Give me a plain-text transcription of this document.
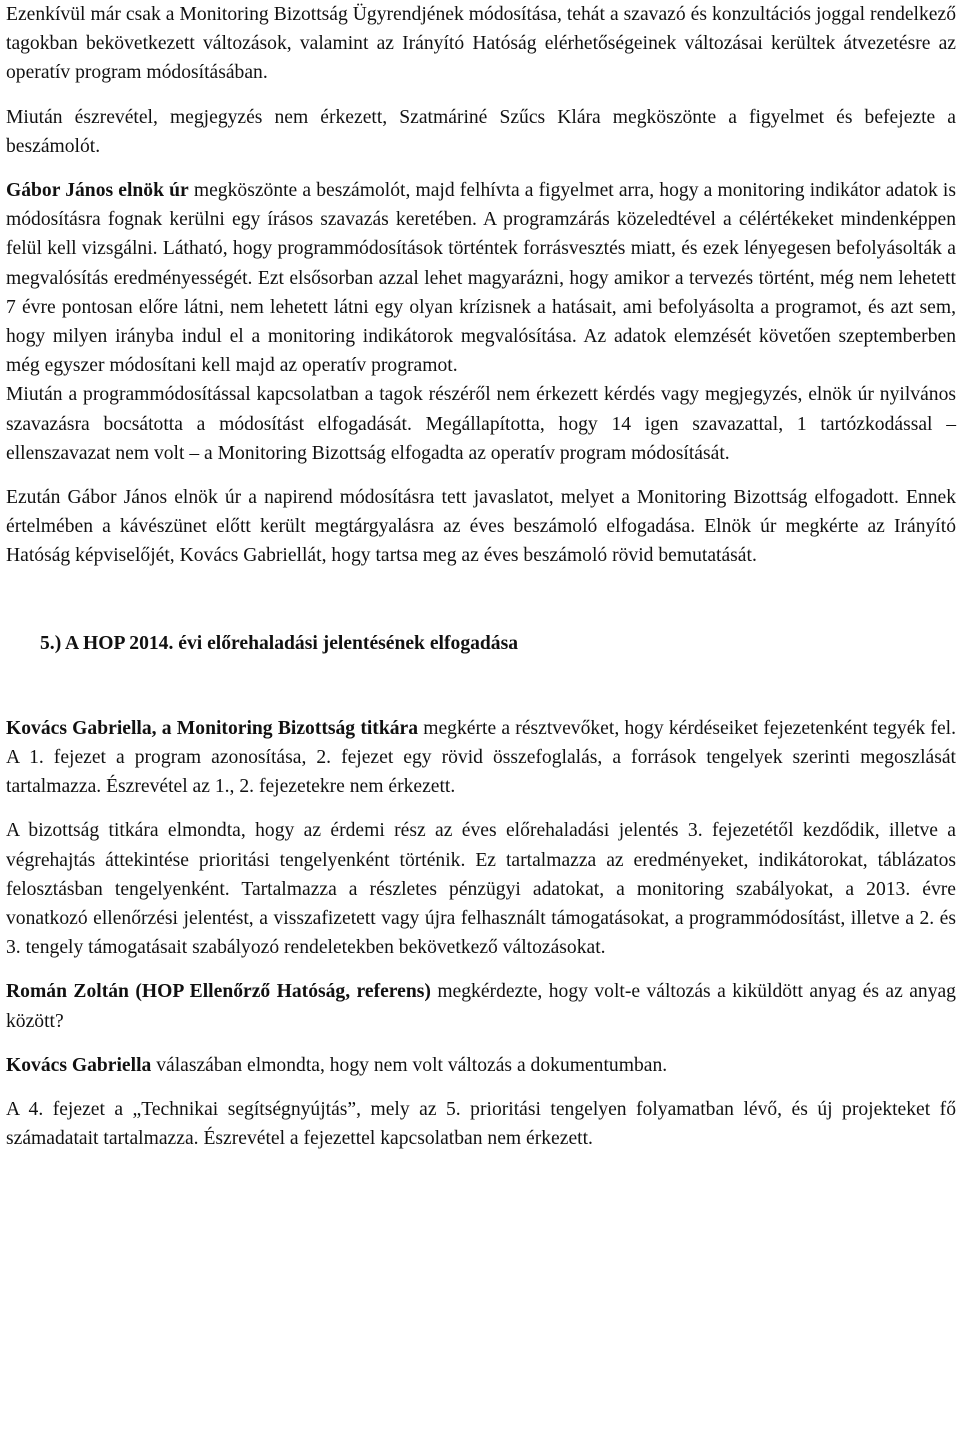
Ezenkívül már csak a Monitoring Bizottság Ügyrendjének módosítása, tehát a szavazó és konzultációs joggal rendelkező tagokban bekövetkezett változások, valamint az Irányító Hatóság elérhetőségeinek változásai kerültek átvezetésre az operatív program módosításában.

Miután észrevétel, megjegyzés nem érkezett, Szatmáriné Szűcs Klára megköszönte a figyelmet és befejezte a beszámolót.

Gábor János elnök úr megköszönte a beszámolót, majd felhívta a figyelmet arra, hogy a monitoring indikátor adatok is módosításra fognak kerülni egy írásos szavazás keretében. A programzárás közeledtével a célértékeket mindenképpen felül kell vizsgálni. Látható, hogy programmódosítások történtek forrásvesztés miatt, és ezek lényegesen befolyásolták a megvalósítás eredményességét. Ezt elsősorban azzal lehet magyarázni, hogy amikor a tervezés történt, még nem lehetett 7 évre pontosan előre látni, nem lehetett látni egy olyan krízisnek a hatásait, ami befolyásolta a programot, és azt sem, hogy milyen irányba indul el a monitoring indikátorok megvalósítása. Az adatok elemzését követően szeptemberben még egyszer módosítani kell majd az operatív programot.

Miután a programmódosítással kapcsolatban a tagok részéről nem érkezett kérdés vagy megjegyzés, elnök úr nyilvános szavazásra bocsátotta a módosítást elfogadását. Megállapította, hogy 14 igen szavazattal, 1 tartózkodással – ellenszavazat nem volt – a Monitoring Bizottság elfogadta az operatív program módosítását.

Ezután Gábor János elnök úr a napirend módosításra tett javaslatot, melyet a Monitoring Bizottság elfogadott. Ennek értelmében a kávészünet előtt került megtárgyalásra az éves beszámoló elfogadása. Elnök úr megkérte az Irányító Hatóság képviselőjét, Kovács Gabriellát, hogy tartsa meg az éves beszámoló rövid bemutatását.

5.) A HOP 2014. évi előrehaladási jelentésének elfogadása

Kovács Gabriella, a Monitoring Bizottság titkára megkérte a résztvevőket, hogy kérdéseiket fejezetenként tegyék fel. A 1. fejezet a program azonosítása, 2. fejezet egy rövid összefoglalás, a források tengelyek szerinti megoszlását tartalmazza. Észrevétel az 1., 2. fejezetekre nem érkezett.

A bizottság titkára elmondta, hogy az érdemi rész az éves előrehaladási jelentés 3. fejezetétől kezdődik, illetve a végrehajtás áttekintése prioritási tengelyenként történik. Ez tartalmazza az eredményeket, indikátorokat, táblázatos felosztásban tengelyenként. Tartalmazza a részletes pénzügyi adatokat, a monitoring szabályokat, a 2013. évre vonatkozó ellenőrzési jelentést, a visszafizetett vagy újra felhasznált támogatásokat, a programmódosítást, illetve a 2. és 3. tengely támogatásait szabályozó rendeletekben bekövetkező változásokat.

Román Zoltán (HOP Ellenőrző Hatóság, referens) megkérdezte, hogy volt-e változás a kiküldött anyag és az anyag között?

Kovács Gabriella válaszában elmondta, hogy nem volt változás a dokumentumban.

A 4. fejezet a „Technikai segítségnyújtás”, mely az 5. prioritási tengelyen folyamatban lévő, és új projekteket fő számadatait tartalmazza. Észrevétel a fejezettel kapcsolatban nem érkezett.
